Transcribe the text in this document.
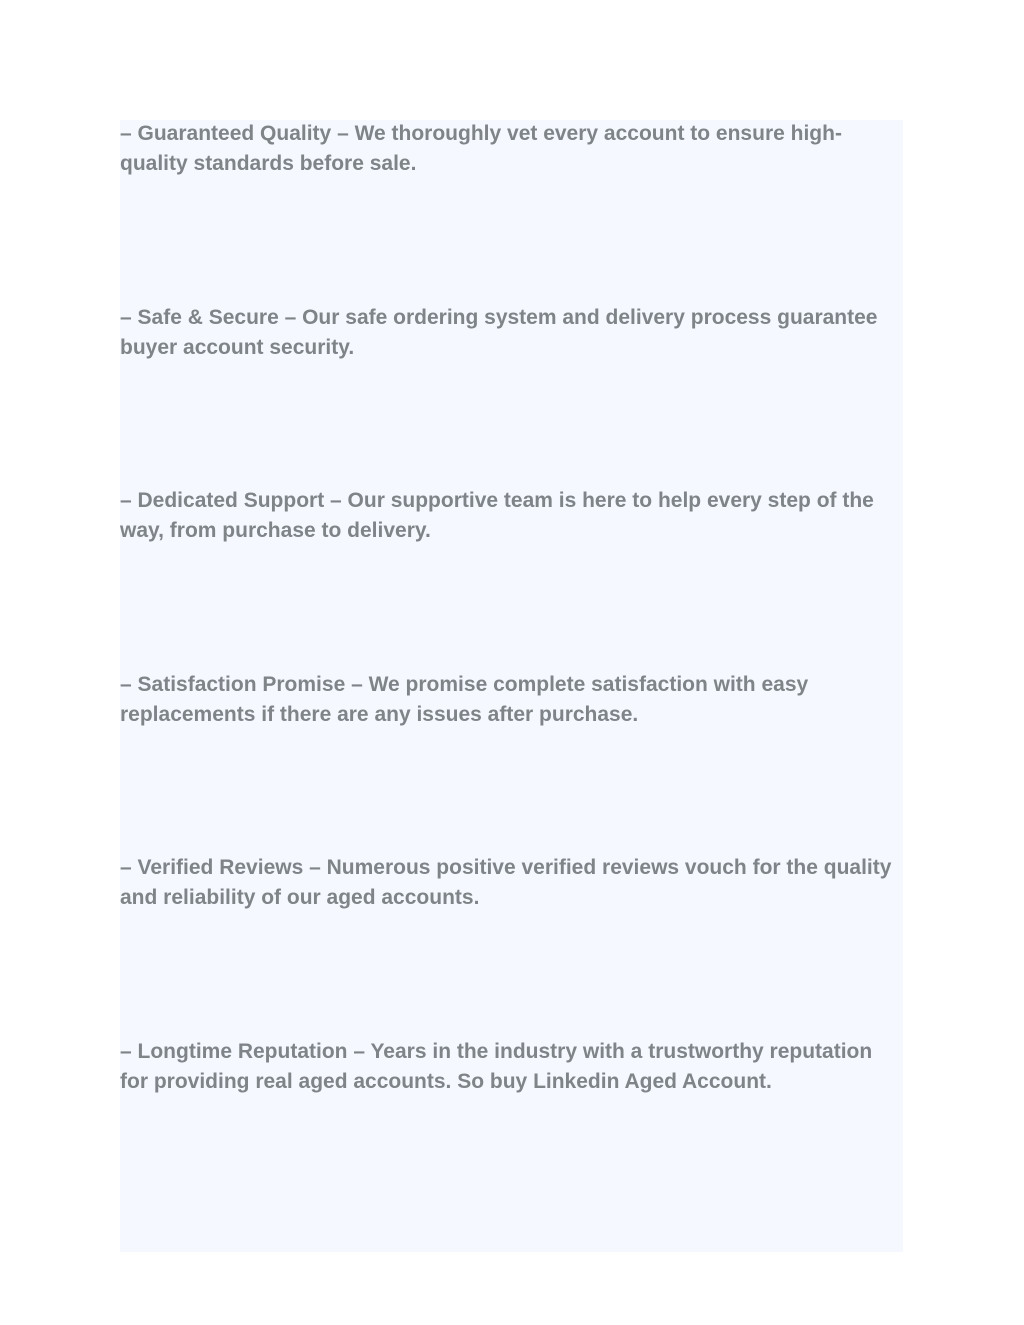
– Guaranteed Quality – We thoroughly vet every account to ensure high-quality standards before sale.

– Safe & Secure – Our safe ordering system and delivery process guarantee buyer account security.

– Dedicated Support – Our supportive team is here to help every step of the way, from purchase to delivery.

– Satisfaction Promise – We promise complete satisfaction with easy replacements if there are any issues after purchase.

– Verified Reviews – Numerous positive verified reviews vouch for the quality and reliability of our aged accounts.

– Longtime Reputation – Years in the industry with a trustworthy reputation for providing real aged accounts. So buy Linkedin Aged Account.
